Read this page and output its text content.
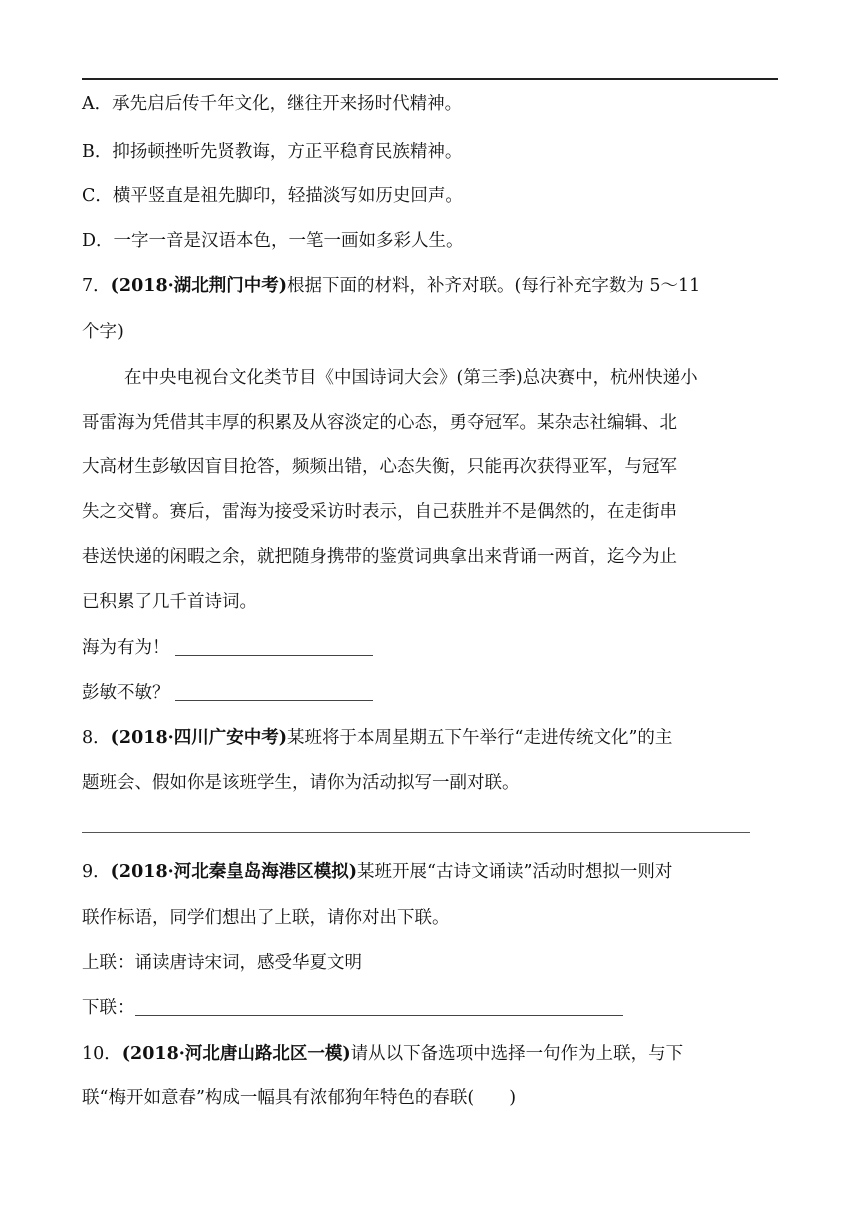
A．承先启后传千年文化，继往开来扬时代精神。
B．抑扬顿挫听先贤教诲，方正平稳育民族精神。
C．横平竖直是祖先脚印，轻描淡写如历史回声。
D．一字一音是汉语本色，一笔一画如多彩人生。
7．(2018·湖北荆门中考)根据下面的材料，补齐对联。(每行补充字数为 5～11
个字)
在中央电视台文化类节目《中国诗词大会》(第三季)总决赛中，杭州快递小
哥雷海为凭借其丰厚的积累及从容淡定的心态，勇夺冠军。某杂志社编辑、北
大高材生彭敏因盲目抢答，频频出错，心态失衡，只能再次获得亚军，与冠军
失之交臂。赛后，雷海为接受采访时表示，自己获胜并不是偶然的，在走街串
巷送快递的闲暇之余，就把随身携带的鉴赏词典拿出来背诵一两首，迄今为止
已积累了几千首诗词。
海为有为！
彭敏不敏？
8．(2018·四川广安中考)某班将于本周星期五下午举行“走进传统文化”的主
题班会、假如你是该班学生，请你为活动拟写一副对联。
9．(2018·河北秦皇岛海港区模拟)某班开展“古诗文诵读”活动时想拟一则对
联作标语，同学们想出了上联，请你对出下联。
上联：诵读唐诗宋词，感受华夏文明
下联：
10．(2018·河北唐山路北区一模)请从以下备选项中选择一句作为上联，与下
联“梅开如意春”构成一幅具有浓郁狗年特色的春联(　　)
